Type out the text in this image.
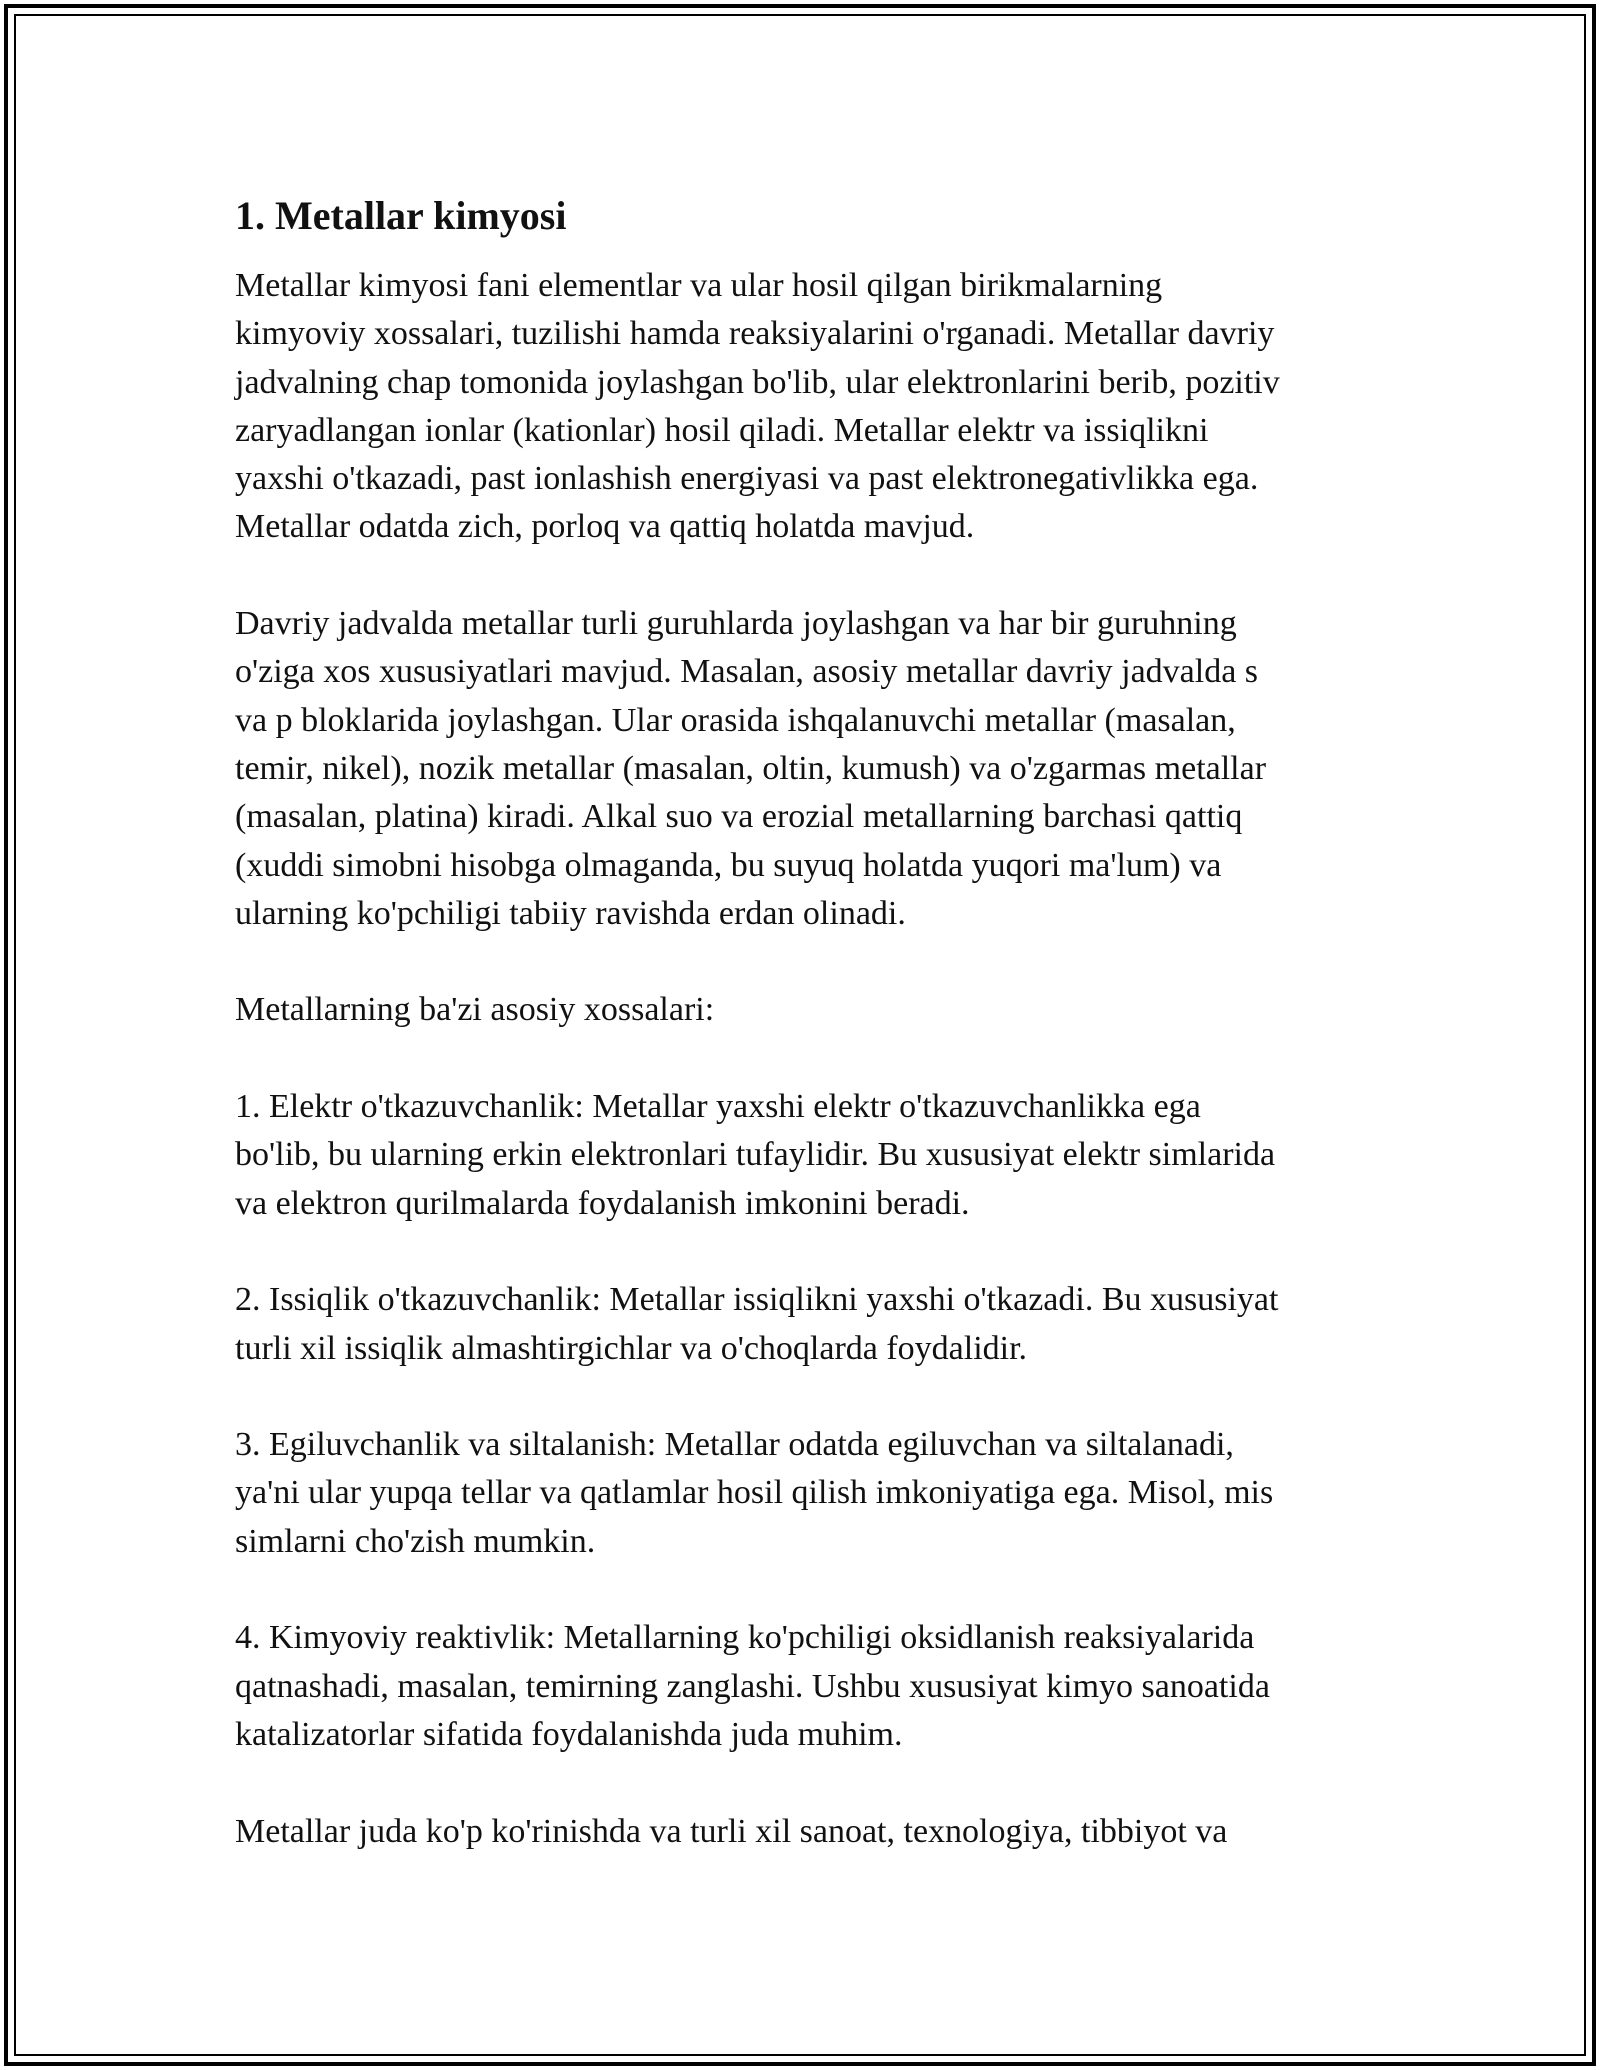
1. Metallar kimyosi
Metallar kimyosi fani elementlar va ular hosil qilgan birikmalarning
kimyoviy xossalari, tuzilishi hamda reaksiyalarini o'rganadi. Metallar davriy
jadvalning chap tomonida joylashgan bo'lib, ular elektronlarini berib, pozitiv
zaryadlangan ionlar (kationlar) hosil qiladi. Metallar elektr va issiqlikni
yaxshi o'tkazadi, past ionlashish energiyasi va past elektronegativlikka ega.
Metallar odatda zich, porloq va qattiq holatda mavjud.
Davriy jadvalda metallar turli guruhlarda joylashgan va har bir guruhning
o'ziga xos xususiyatlari mavjud. Masalan, asosiy metallar davriy jadvalda s
va p bloklarida joylashgan. Ular orasida ishqalanuvchi metallar (masalan,
temir, nikel), nozik metallar (masalan, oltin, kumush) va o'zgarmas metallar
(masalan, platina) kiradi. Alkal suo va erozial metallarning barchasi qattiq
(xuddi simobni hisobga olmaganda, bu suyuq holatda yuqori ma'lum) va
ularning ko'pchiligi tabiiy ravishda erdan olinadi.
Metallarning ba'zi asosiy xossalari:
1. Elektr o'tkazuvchanlik: Metallar yaxshi elektr o'tkazuvchanlikka ega
bo'lib, bu ularning erkin elektronlari tufaylidir. Bu xususiyat elektr simlarida
va elektron qurilmalarda foydalanish imkonini beradi.
2. Issiqlik o'tkazuvchanlik: Metallar issiqlikni yaxshi o'tkazadi. Bu xususiyat
turli xil issiqlik almashtirgichlar va o'choqlarda foydalidir.
3. Egiluvchanlik va siltalanish: Metallar odatda egiluvchan va siltalanadi,
ya'ni ular yupqa tellar va qatlamlar hosil qilish imkoniyatiga ega. Misol, mis
simlarni cho'zish mumkin.
4. Kimyoviy reaktivlik: Metallarning ko'pchiligi oksidlanish reaksiyalarida
qatnashadi, masalan, temirning zanglashi. Ushbu xususiyat kimyo sanoatida
katalizatorlar sifatida foydalanishda juda muhim.
Metallar juda ko'p ko'rinishda va turli xil sanoat, texnologiya, tibbiyot va
